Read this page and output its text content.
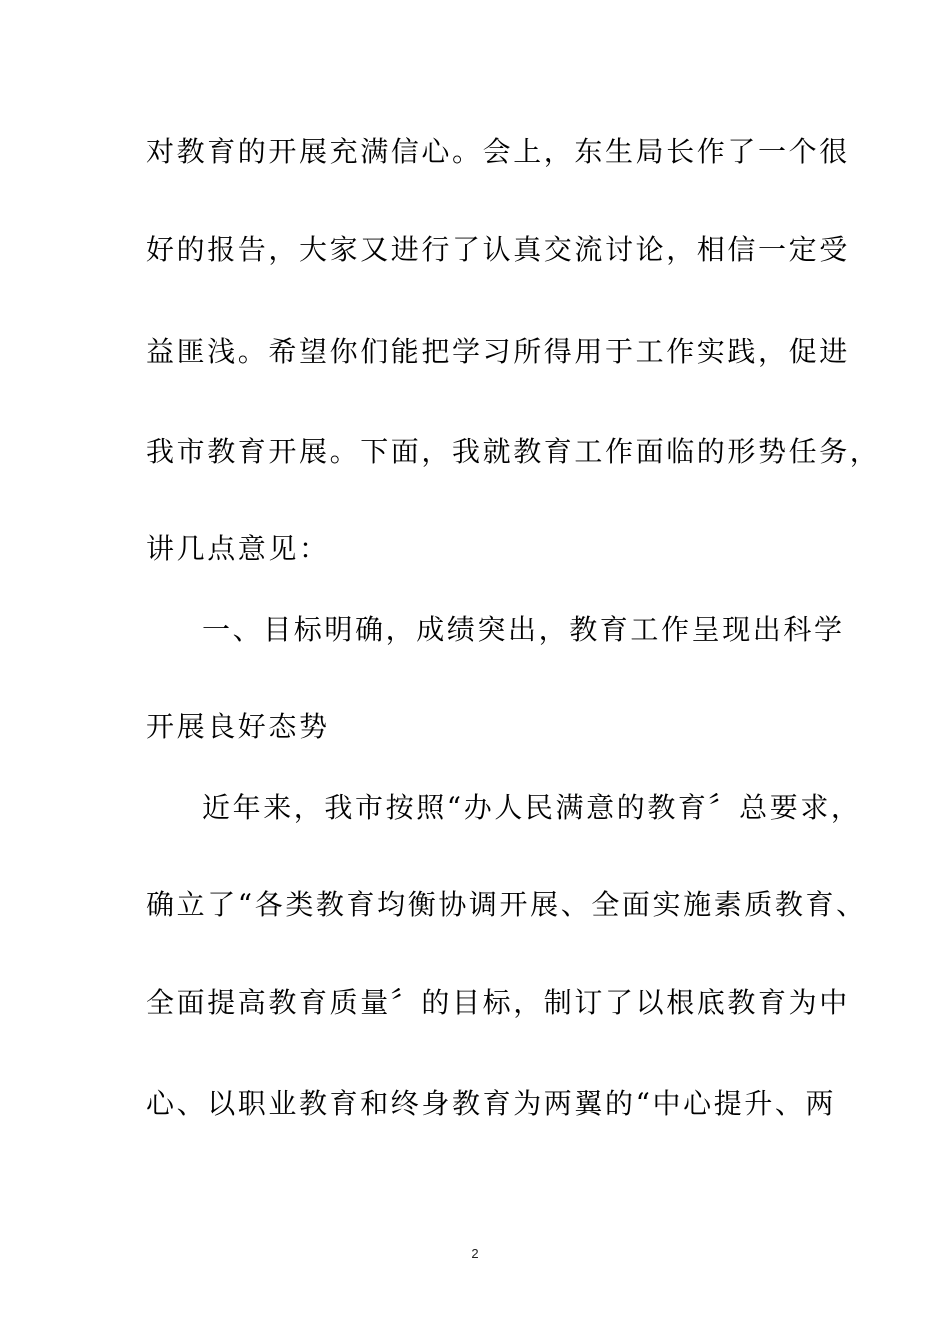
对教育的开展充满信心。会上，东生局长作了一个很
好的报告，大家又进行了认真交流讨论，相信一定受
益匪浅。希望你们能把学习所得用于工作实践，促进
我市教育开展。下面，我就教育工作面临的形势任务，
讲几点意见：
一、目标明确，成绩突出，教育工作呈现出科学
开展良好态势
近年来，我市按照“办人民满意的教育〞总要求，
确立了“各类教育均衡协调开展、全面实施素质教育、
全面提高教育质量〞的目标，制订了以根底教育为中
心、以职业教育和终身教育为两翼的“中心提升、两
2
